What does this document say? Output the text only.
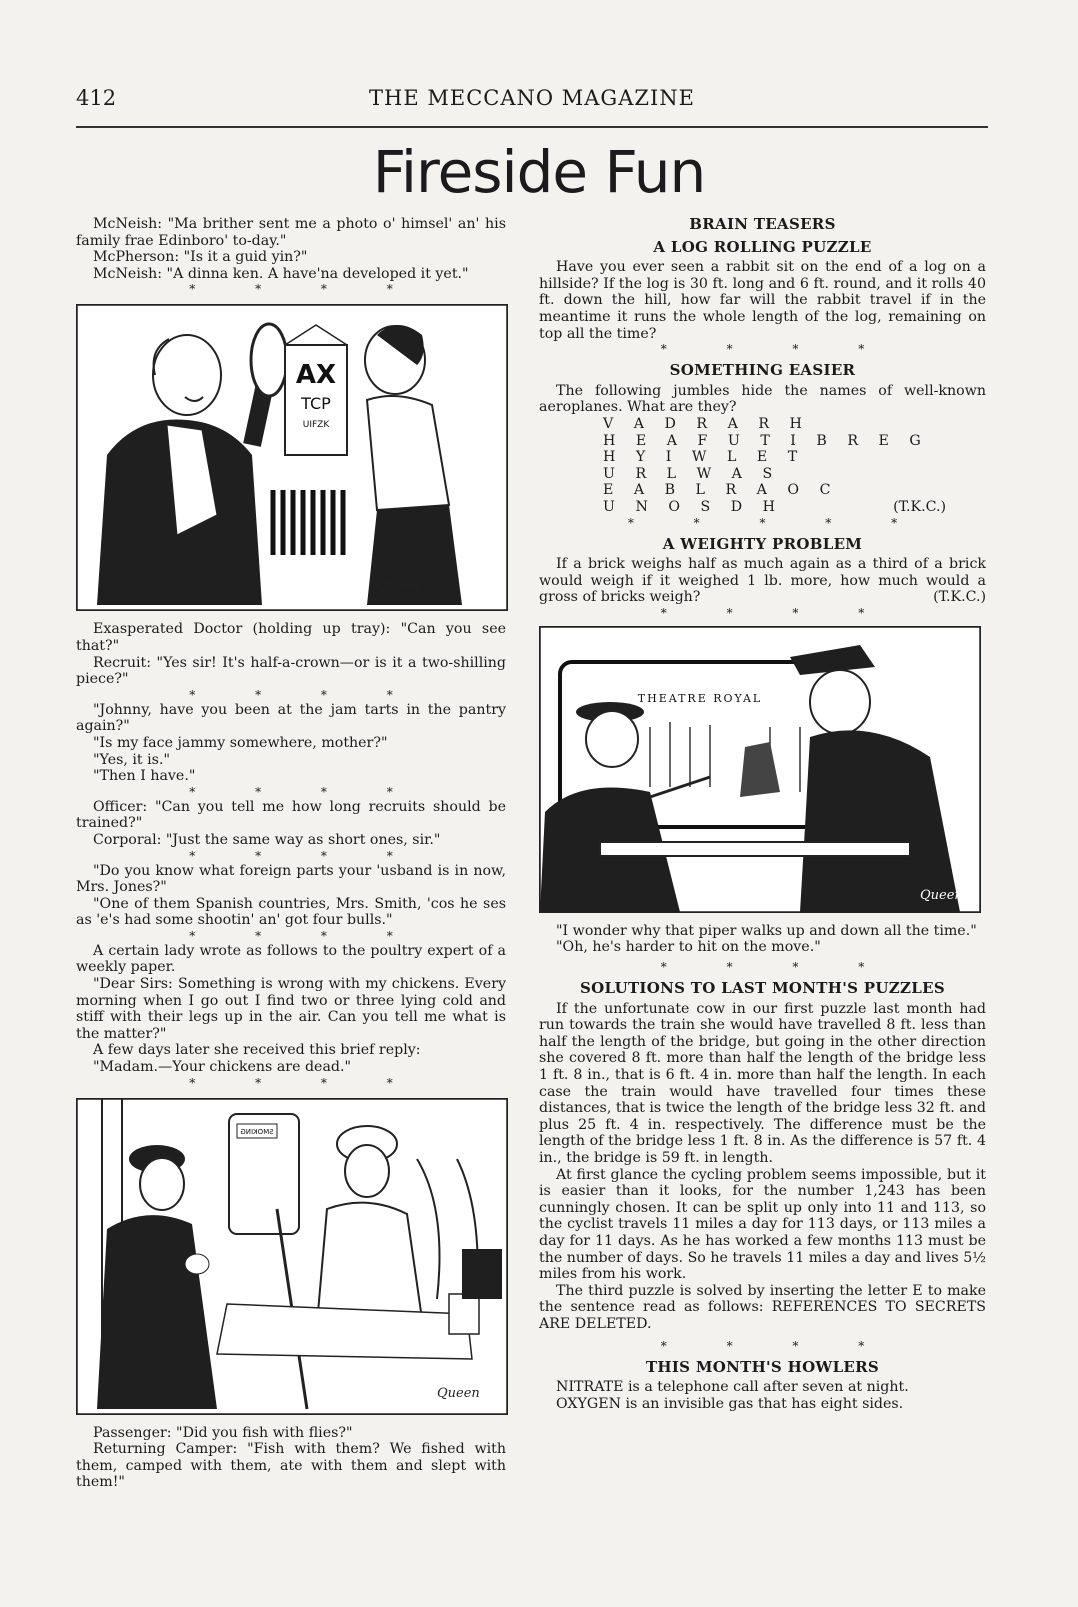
412	THE MECCANO MAGAZINE
Fireside Fun

McNeish: "Ma brither sent me a photo o' himsel' an' his family frae Edinboro' to-day."

McPherson: "Is it a guid yin?"

McNeish: "A dinna ken. A have'na developed it yet."

* * * *
AX
TCP
UIFZK
Queen

Exasperated Doctor (holding up tray): "Can you see that?"

Recruit: "Yes sir! It's half-a-crown—or is it a two-shilling piece?"

* * * *

"Johnny, have you been at the jam tarts in the pantry again?"

"Is my face jammy somewhere, mother?"

"Yes, it is."

"Then I have."

* * * *

Officer: "Can you tell me how long recruits should be trained?"

Corporal: "Just the same way as short ones, sir."

* * * *

"Do you know what foreign parts your 'usband is in now, Mrs. Jones?"

"One of them Spanish countries, Mrs. Smith, 'cos he ses as 'e's had some shootin' an' got four bulls."

* * * *

A certain lady wrote as follows to the poultry expert of a weekly paper.

"Dear Sirs: Something is wrong with my chickens. Every morning when I go out I find two or three lying cold and stiff with their legs up in the air. Can you tell me what is the matter?"

A few days later she received this brief reply:

"Madam.—Your chickens are dead."

* * * *
SMOKING
Queen

Passenger: "Did you fish with flies?"

Returning Camper: "Fish with them? We fished with them, camped with them, ate with them and slept with them!"

BRAIN TEASERS
A LOG ROLLING PUZZLE

Have you ever seen a rabbit sit on the end of a log on a hillside? If the log is 30 ft. long and 6 ft. round, and it rolls 40 ft. down the hill, how far will the rabbit travel if in the meantime it runs the whole length of the log, remaining on top all the time?

* * * *
SOMETHING EASIER

The following jumbles hide the names of well-known aeroplanes. What are they?

V A D R A R H
H E A F U T I B R E G
H Y I W L E T
U R L W A S
E A B L R A O C
U N O S D H	(T.K.C.)
* * * * *
A WEIGHTY PROBLEM

If a brick weighs half as much again as a third of a brick would weigh if it weighed 1 lb. more, how much would a gross of bricks weigh?	(T.K.C.)
* * * *
THEATRE ROYAL
Queen

"I wonder why that piper walks up and down all the time."

"Oh, he's harder to hit on the move."

* * * *
SOLUTIONS TO LAST MONTH'S PUZZLES

If the unfortunate cow in our first puzzle last month had run towards the train she would have travelled 8 ft. less than half the length of the bridge, but going in the other direction she covered 8 ft. more than half the length of the bridge less 1 ft. 8 in., that is 6 ft. 4 in. more than half the length. In each case the train would have travelled four times these distances, that is twice the length of the bridge less 32 ft. and plus 25 ft. 4 in. respectively. The difference must be the length of the bridge less 1 ft. 8 in. As the difference is 57 ft. 4 in., the bridge is 59 ft. in length.

At first glance the cycling problem seems impossible, but it is easier than it looks, for the number 1,243 has been cunningly chosen. It can be split up only into 11 and 113, so the cyclist travels 11 miles a day for 113 days, or 113 miles a day for 11 days. As he has worked a few months 113 must be the number of days. So he travels 11 miles a day and lives 5½ miles from his work.

The third puzzle is solved by inserting the letter E to make the sentence read as follows: REFERENCES TO SECRETS ARE DELETED.

* * * *
THIS MONTH'S HOWLERS

NITRATE is a telephone call after seven at night.

OXYGEN is an invisible gas that has eight sides.
